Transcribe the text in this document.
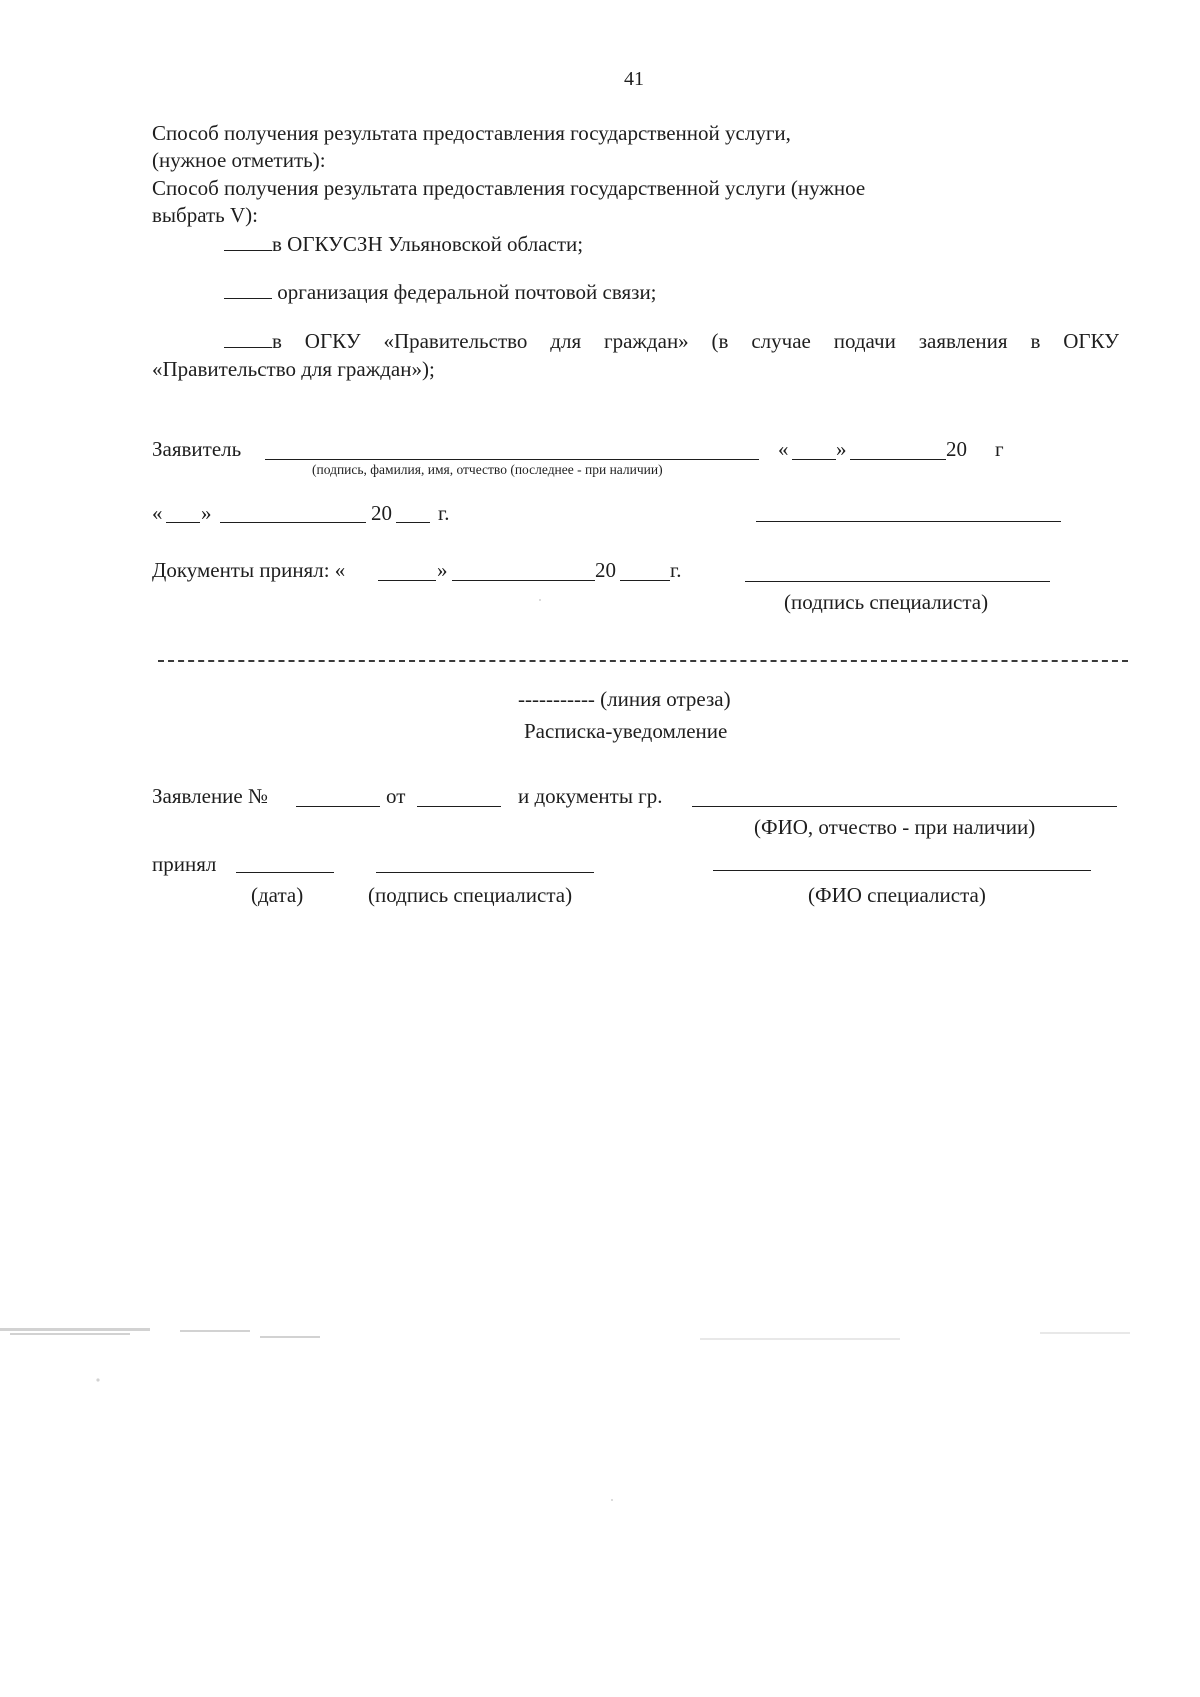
41
Способ получения результата предоставления государственной услуги,
(нужное отметить):
Способ получения результата предоставления государственной услуги (нужное
выбрать V):
в ОГКУСЗН Ульяновской области;
организация федеральной почтовой связи;
в ОГКУ «Правительство для граждан» (в случае подачи заявления в ОГКУ
«Правительство для граждан»);
Заявитель
(подпись, фамилия, имя, отчество (последнее - при наличии)
« »	20 г
« »	20 г.
Документы принял: «	»	20	г.
(подпись специалиста)
----------- (линия отреза)
Расписка-уведомление
Заявление №	от	и документы гр.
(ФИО, отчество - при наличии)
принял
(дата)	(подпись специалиста)	(ФИО специалиста)
